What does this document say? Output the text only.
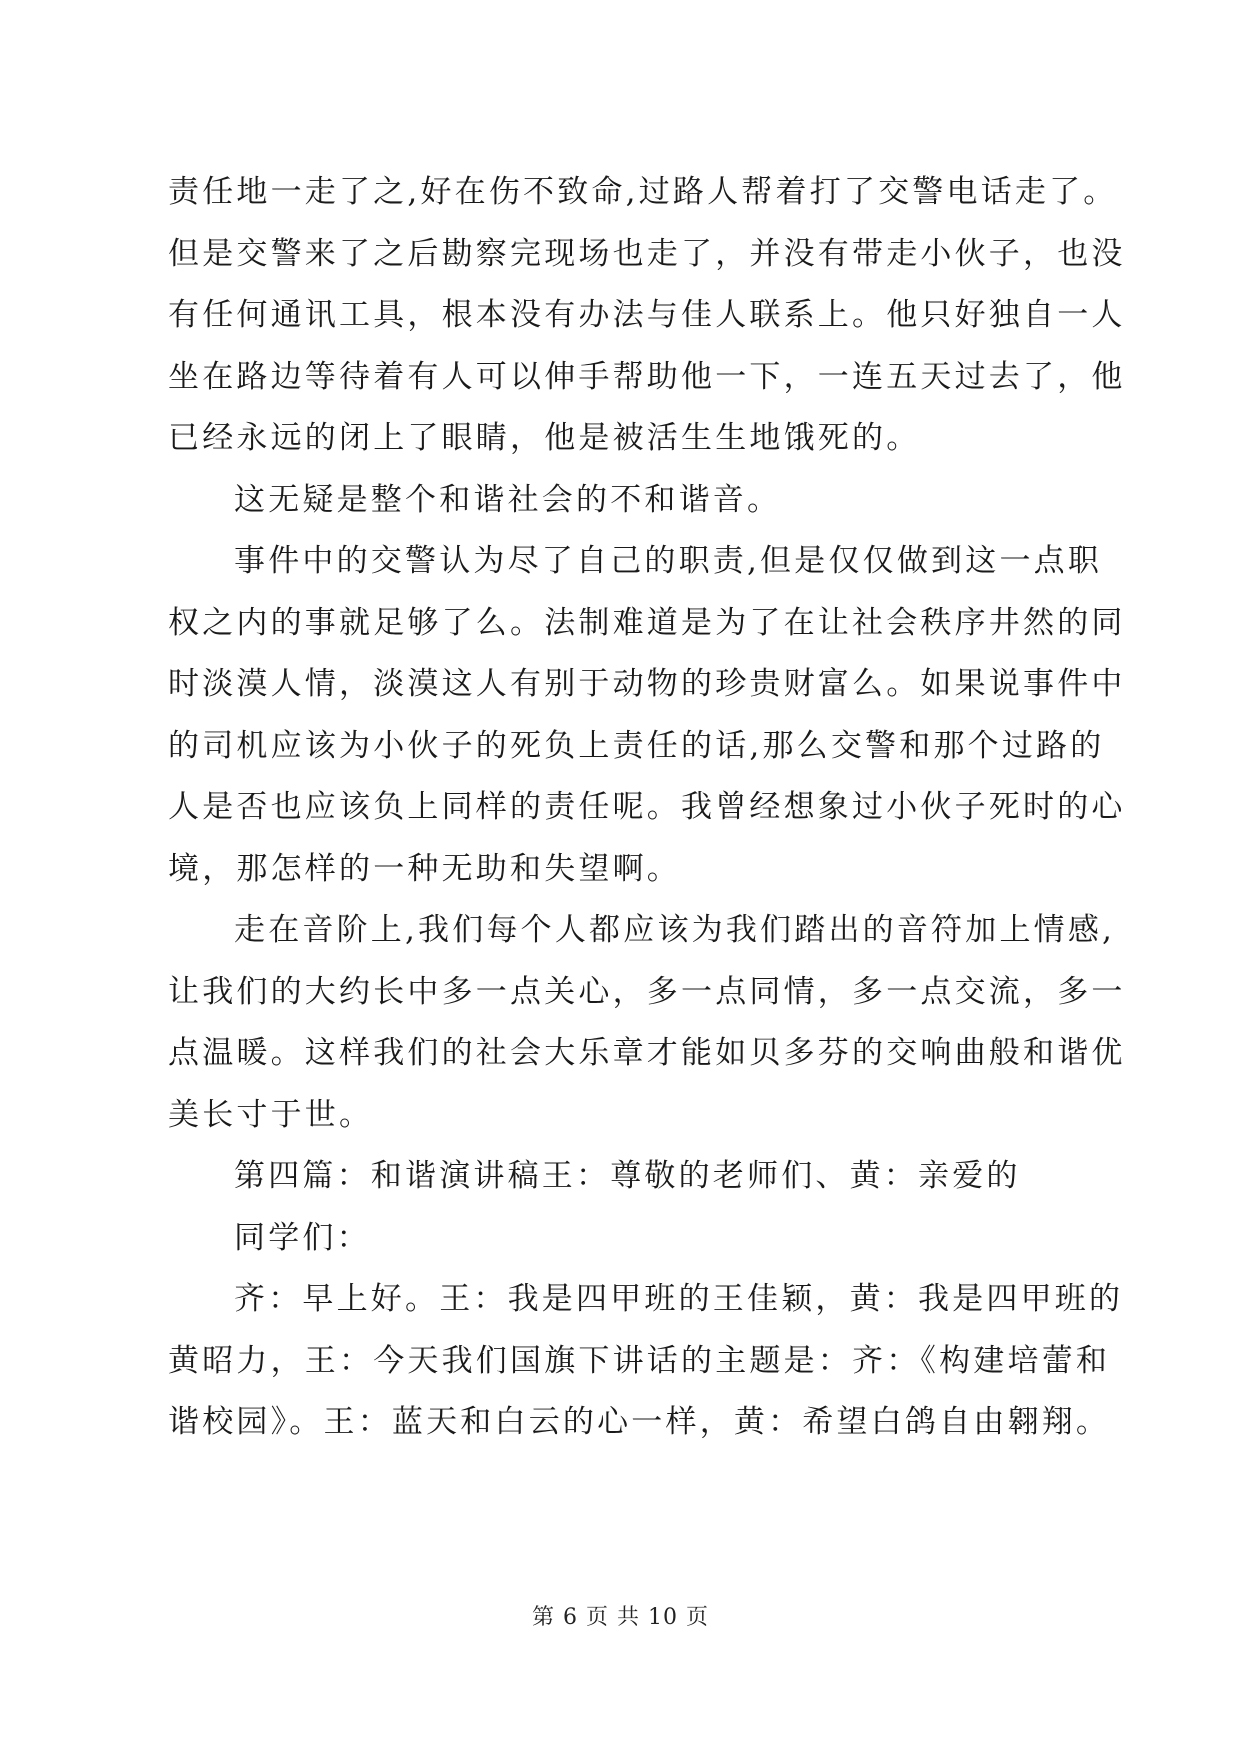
责任地一走了之,好在伤不致命,过路人帮着打了交警电话走了。
但是交警来了之后勘察完现场也走了，并没有带走小伙子，也没
有任何通讯工具，根本没有办法与佳人联系上。他只好独自一人
坐在路边等待着有人可以伸手帮助他一下，一连五天过去了，他
已经永远的闭上了眼睛，他是被活生生地饿死的。
这无疑是整个和谐社会的不和谐音。
事件中的交警认为尽了自己的职责,但是仅仅做到这一点职
权之内的事就足够了么。法制难道是为了在让社会秩序井然的同
时淡漠人情，淡漠这人有别于动物的珍贵财富么。如果说事件中
的司机应该为小伙子的死负上责任的话,那么交警和那个过路的
人是否也应该负上同样的责任呢。我曾经想象过小伙子死时的心
境，那怎样的一种无助和失望啊。
走在音阶上,我们每个人都应该为我们踏出的音符加上情感,
让我们的大约长中多一点关心，多一点同情，多一点交流，多一
点温暖。这样我们的社会大乐章才能如贝多芬的交响曲般和谐优
美长寸于世。
第四篇：和谐演讲稿王：尊敬的老师们、黄：亲爱的
同学们：
齐：早上好。王：我是四甲班的王佳颖，黄：我是四甲班的
黄昭力，王：今天我们国旗下讲话的主题是：齐：《构建培蕾和
谐校园》。王：蓝天和白云的心一样，黄：希望白鸽自由翱翔。
第 6 页 共 10 页
